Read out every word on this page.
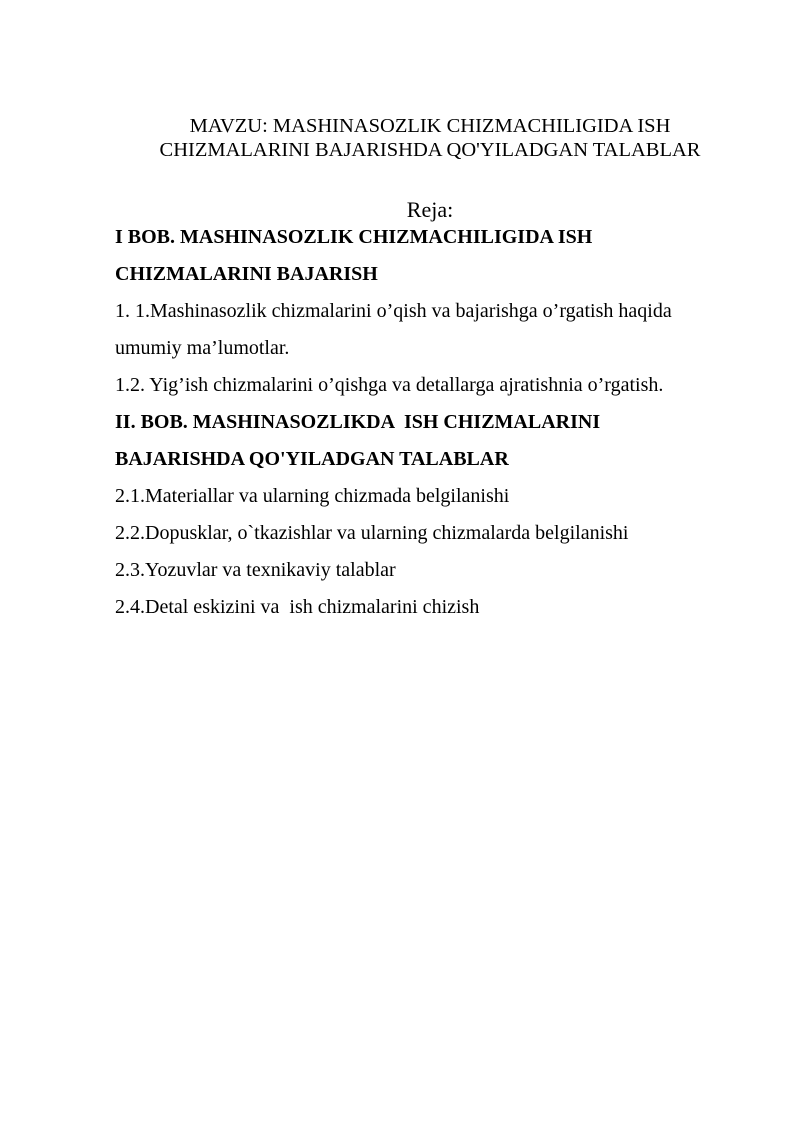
MAVZU: MASHINASOZLIK CHIZMACHILIGIDA ISH
CHIZMALARINI BAJARISHDA QO'YILADGAN TALABLAR
Reja:
I BOB. MASHINASOZLIK CHIZMACHILIGIDA ISH
CHIZMALARINI BAJARISH
1. 1.Mashinasozlik chizmalarini o’qish va bajarishga o’rgatish haqida
umumiy ma’lumotlar.
1.2. Yig’ish chizmalarini o’qishga va detallarga ajratishnia o’rgatish.
II. BOB. MASHINASOZLIKDA  ISH CHIZMALARINI
BAJARISHDA QO'YILADGAN TALABLAR
2.1.Materiallar va ularning chizmada belgilanishi
2.2.Dopusklar, o`tkazishlar va ularning chizmalarda belgilanishi
2.3.Yozuvlar va texnikaviy talablar
2.4.Detal eskizini va  ish chizmalarini chizish
